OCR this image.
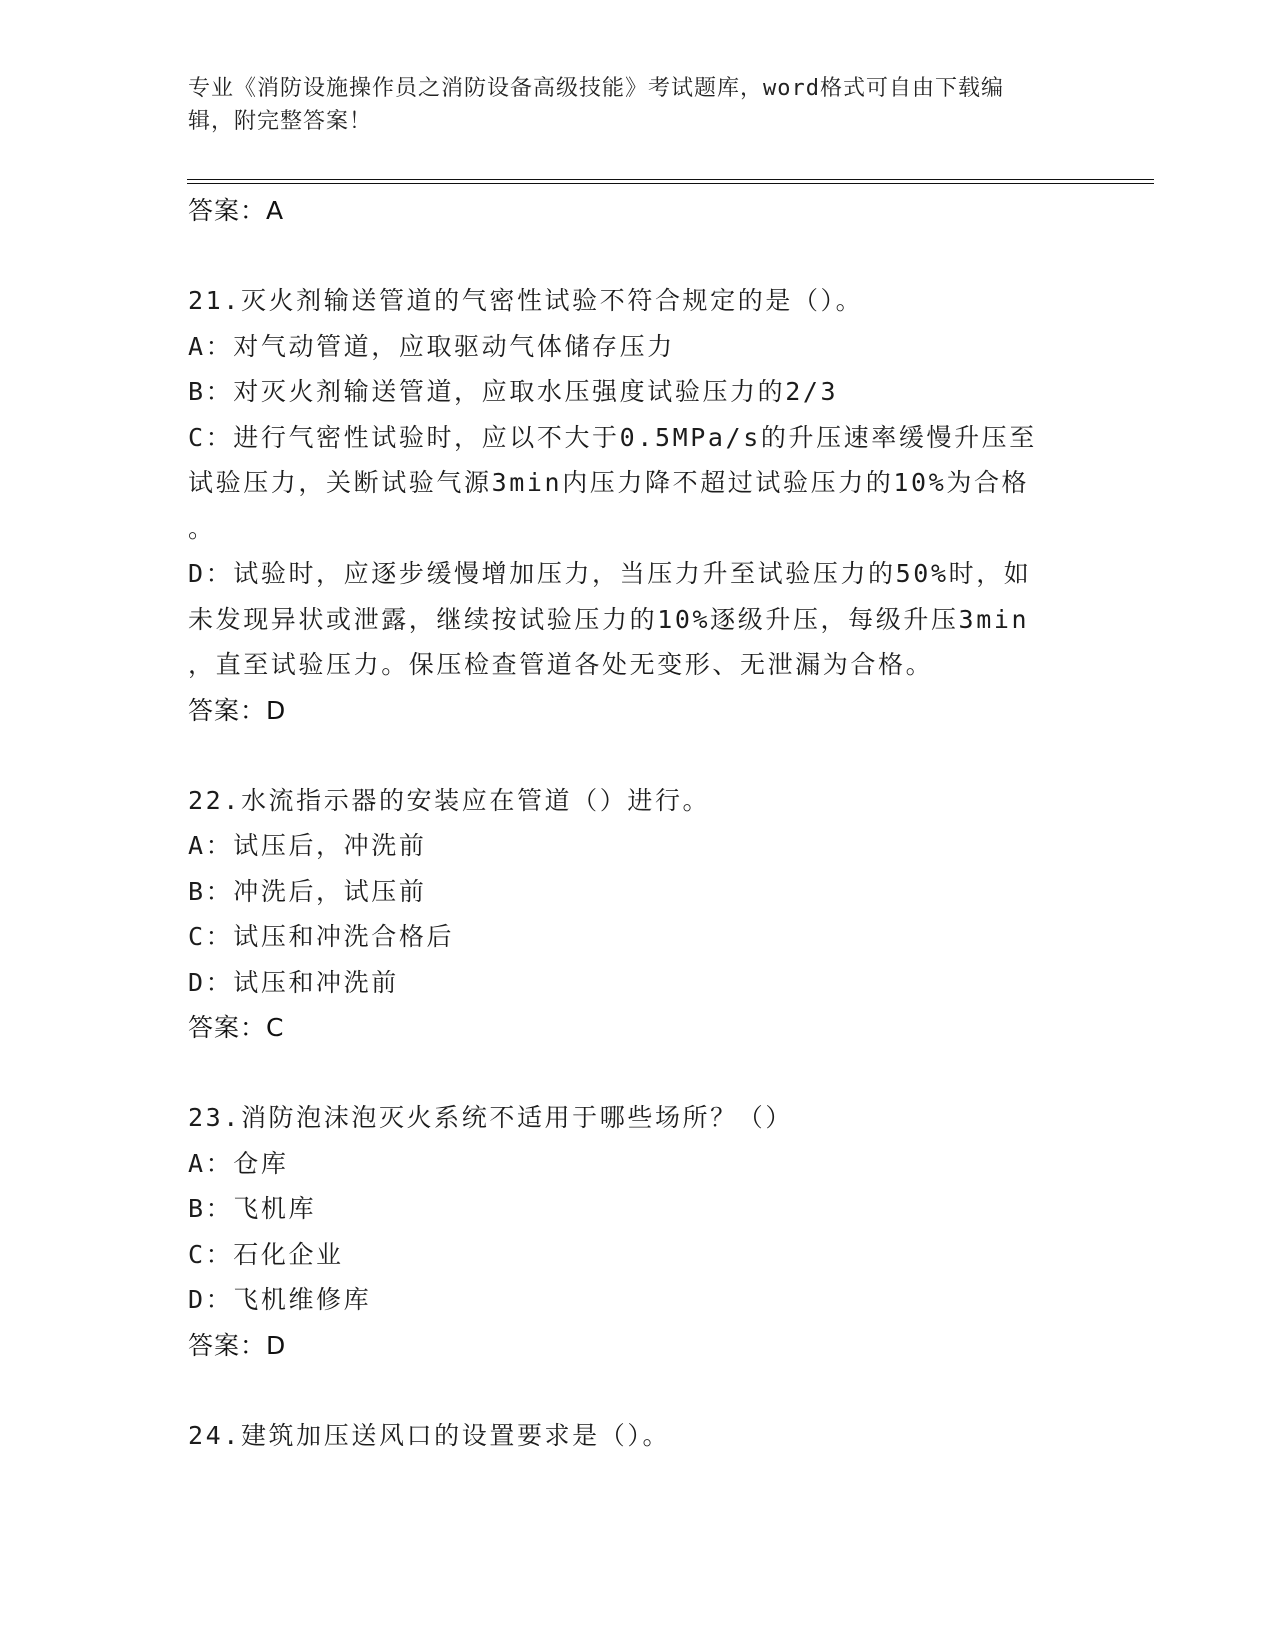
专业《消防设施操作员之消防设备高级技能》考试题库，word格式可自由下载编
辑，附完整答案！
答案：A
21.灭火剂输送管道的气密性试验不符合规定的是（）。
A：对气动管道，应取驱动气体储存压力
B：对灭火剂输送管道，应取水压强度试验压力的2/3
C：进行气密性试验时，应以不大于0.5MPa/s的升压速率缓慢升压至
试验压力，关断试验气源3min内压力降不超过试验压力的10%为合格
。
D：试验时，应逐步缓慢增加压力，当压力升至试验压力的50%时，如
未发现异状或泄露，继续按试验压力的10%逐级升压，每级升压3min
，直至试验压力。保压检查管道各处无变形、无泄漏为合格。
答案：D
22.水流指示器的安装应在管道（）进行。
A：试压后，冲洗前
B：冲洗后，试压前
C：试压和冲洗合格后
D：试压和冲洗前
答案：C
23.消防泡沫泡灭火系统不适用于哪些场所？（）
A：仓库
B：飞机库
C：石化企业
D：飞机维修库
答案：D
24.建筑加压送风口的设置要求是（）。
